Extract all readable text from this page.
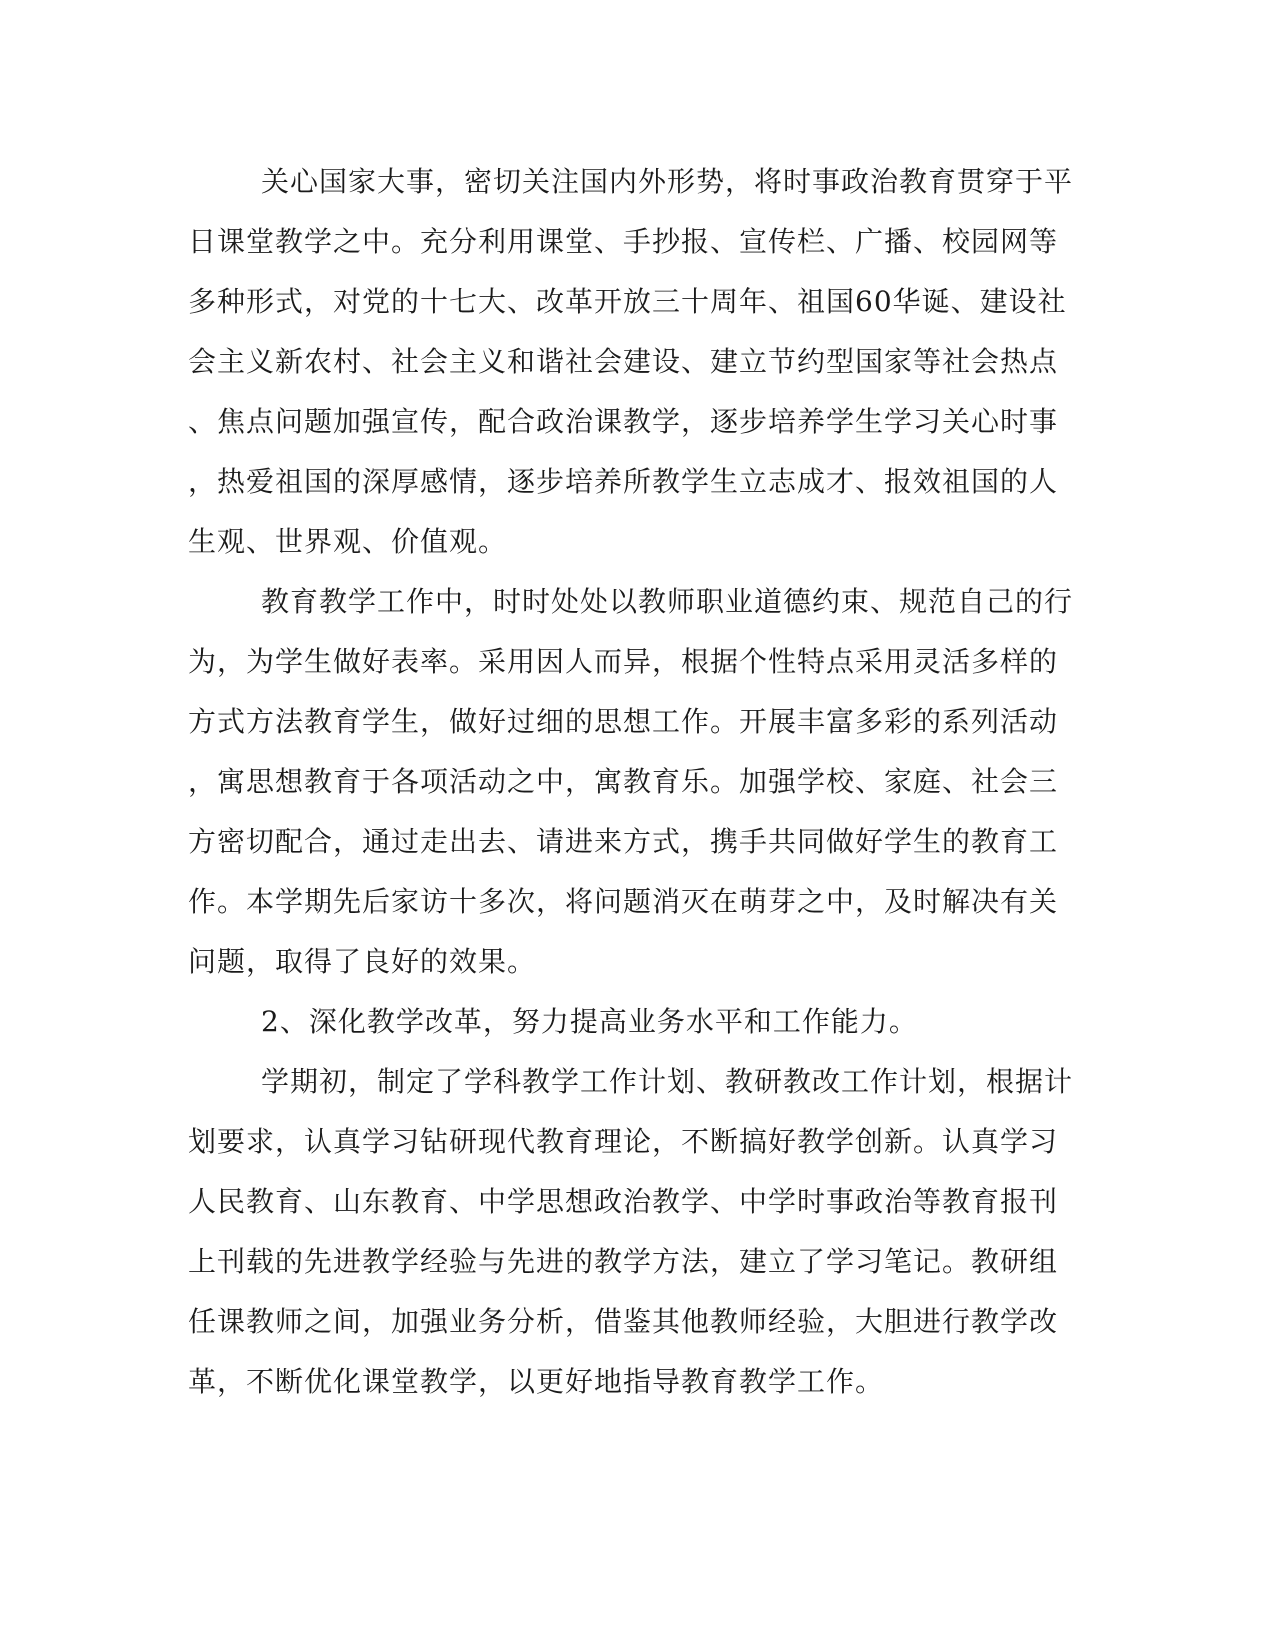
关心国家大事，密切关注国内外形势，将时事政治教育贯穿于平
日课堂教学之中。充分利用课堂、手抄报、宣传栏、广播、校园网等
多种形式，对党的十七大、改革开放三十周年、祖国60华诞、建设社
会主义新农村、社会主义和谐社会建设、建立节约型国家等社会热点
、焦点问题加强宣传，配合政治课教学，逐步培养学生学习关心时事
，热爱祖国的深厚感情，逐步培养所教学生立志成才、报效祖国的人
生观、世界观、价值观。
教育教学工作中，时时处处以教师职业道德约束、规范自己的行
为，为学生做好表率。采用因人而异，根据个性特点采用灵活多样的
方式方法教育学生，做好过细的思想工作。开展丰富多彩的系列活动
，寓思想教育于各项活动之中，寓教育乐。加强学校、家庭、社会三
方密切配合，通过走出去、请进来方式，携手共同做好学生的教育工
作。本学期先后家访十多次，将问题消灭在萌芽之中，及时解决有关
问题，取得了良好的效果。
2、深化教学改革，努力提高业务水平和工作能力。
学期初，制定了学科教学工作计划、教研教改工作计划，根据计
划要求，认真学习钻研现代教育理论，不断搞好教学创新。认真学习
人民教育、山东教育、中学思想政治教学、中学时事政治等教育报刊
上刊载的先进教学经验与先进的教学方法，建立了学习笔记。教研组
任课教师之间，加强业务分析，借鉴其他教师经验，大胆进行教学改
革，不断优化课堂教学，以更好地指导教育教学工作。
